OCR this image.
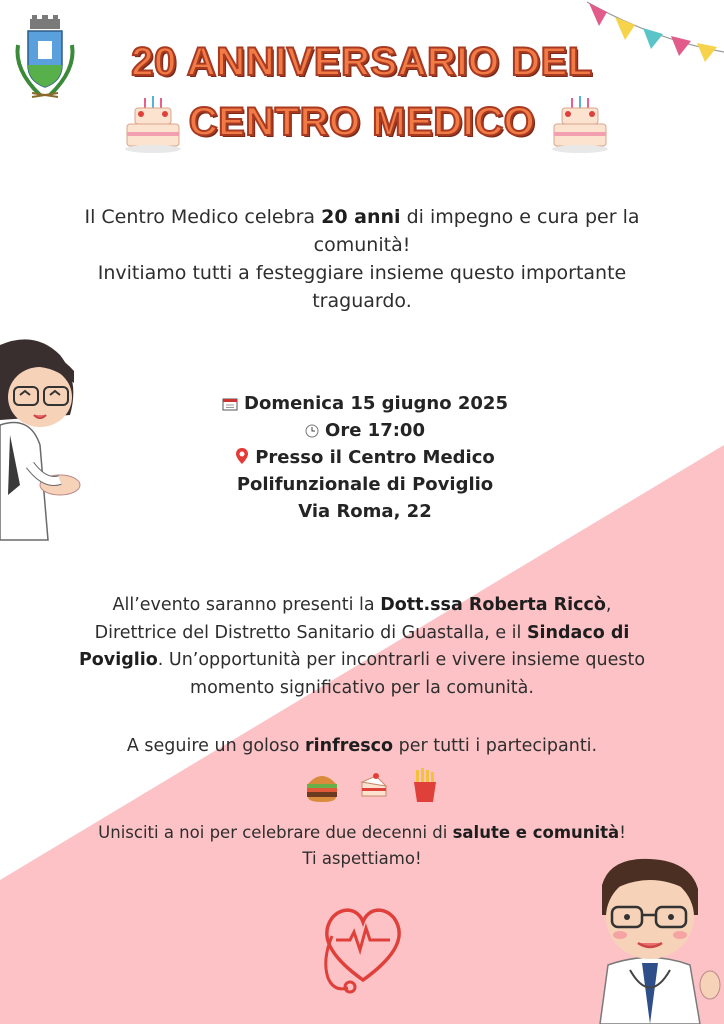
20 ANNIVERSARIO DEL
CENTRO MEDICO
Il Centro Medico celebra 20 anni di impegno e cura per la
comunità!
Invitiamo tutti a festeggiare insieme questo importante
traguardo.
Domenica 15 giugno 2025
Ore 17:00
Presso il Centro Medico
Polifunzionale di Poviglio
Via Roma, 22
All’evento saranno presenti la Dott.ssa Roberta Riccò,
Direttrice del Distretto Sanitario di Guastalla, e il Sindaco di
Poviglio. Un’opportunità per incontrarli e vivere insieme questo
momento significativo per la comunità.
A seguire un goloso rinfresco per tutti i partecipanti.
Unisciti a noi per celebrare due decenni di salute e comunità!
Ti aspettiamo!
